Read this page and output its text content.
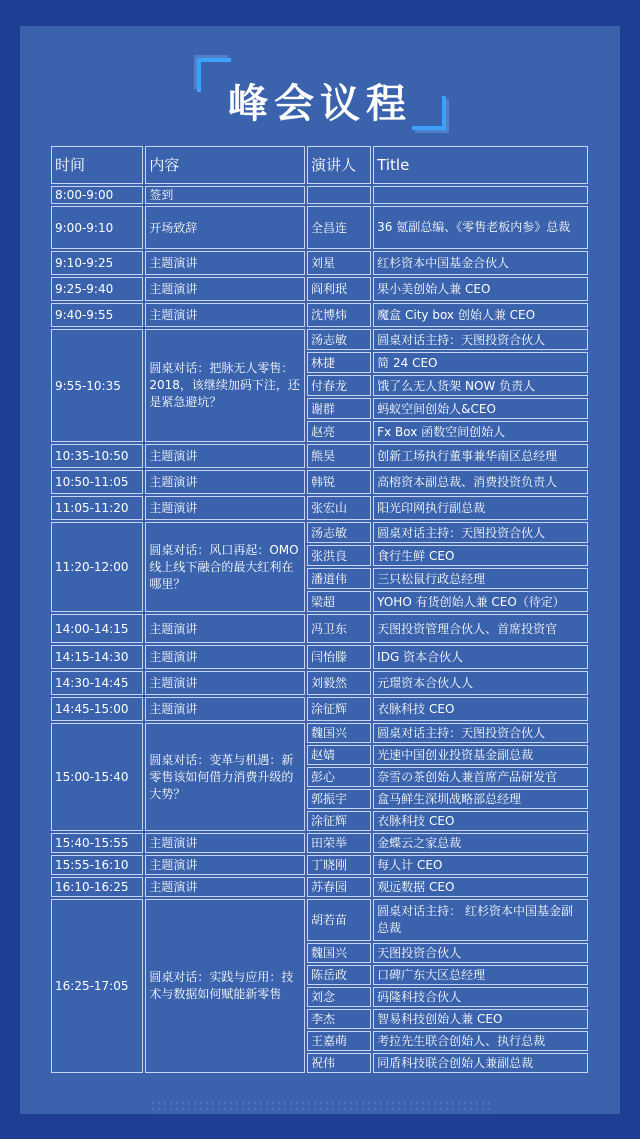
峰会议程
时间	内容	演讲人	Title
8:00-9:00	签到		
9:00-9:10	开场致辞	全昌连	36 氪副总编、《零售老板内参》总裁
9:10-9:25	主题演讲	刘星	红杉资本中国基金合伙人
9:25-9:40	主题演讲	阎利珉	果小美创始人兼 CEO
9:40-9:55	主题演讲	沈博炜	魔盒 City box 创始人兼 CEO
9:55-10:35	圆桌对话：把脉无人零售：2018，该继续加码下注，还是紧急避坑？	汤志敏	圆桌对话主持：天图投资合伙人
		林捷	简 24 CEO
		付春龙	饿了么无人货架 NOW 负责人
		谢群	蚂蚁空间创始人&CEO
		赵亮	Fx Box 函数空间创始人
10:35-10:50	主题演讲	熊昊	创新工场执行董事兼华南区总经理
10:50-11:05	主题演讲	韩锐	高榕资本副总裁、消费投资负责人
11:05-11:20	主题演讲	张宏山	阳光印网执行副总裁
11:20-12:00	圆桌对话：风口再起：OMO 线上线下融合的最大红利在哪里？	汤志敏	圆桌对话主持：天图投资合伙人
		张洪良	食行生鲜 CEO
		潘道伟	三只松鼠行政总经理
		梁超	YOHO 有货创始人兼 CEO（待定）
14:00-14:15	主题演讲	冯卫东	天图投资管理合伙人、首席投资官
14:15-14:30	主题演讲	闫怡滕	IDG 资本合伙人
14:30-14:45	主题演讲	刘毅然	元璟资本合伙人人
14:45-15:00	主题演讲	涂征辉	衣脉科技 CEO
15:00-15:40	圆桌对话：变革与机遇：新零售该如何借力消费升级的大势？	魏国兴	圆桌对话主持：天图投资合伙人
		赵婧	光速中国创业投资基金副总裁
		彭心	奈雪の茶创始人兼首席产品研发官
		郭振宇	盒马鲜生深圳战略部总经理
		涂征辉	衣脉科技 CEO
15:40-15:55	主题演讲	田荣举	金蝶云之家总裁
15:55-16:10	主题演讲	丁晓刚	每人计 CEO
16:10-16:25	主题演讲	苏春园	观远数据 CEO
16:25-17:05	圆桌对话：实践与应用：技术与数据如何赋能新零售	胡若苗	圆桌对话主持： 红杉资本中国基金副总裁
		魏国兴	天图投资合伙人
		陈岳政	口碑广东大区总经理
		刘念	码隆科技合伙人
		李杰	智易科技创始人兼 CEO
		王嘉萌	考拉先生联合创始人、执行总裁
		祝伟	同盾科技联合创始人兼副总裁
